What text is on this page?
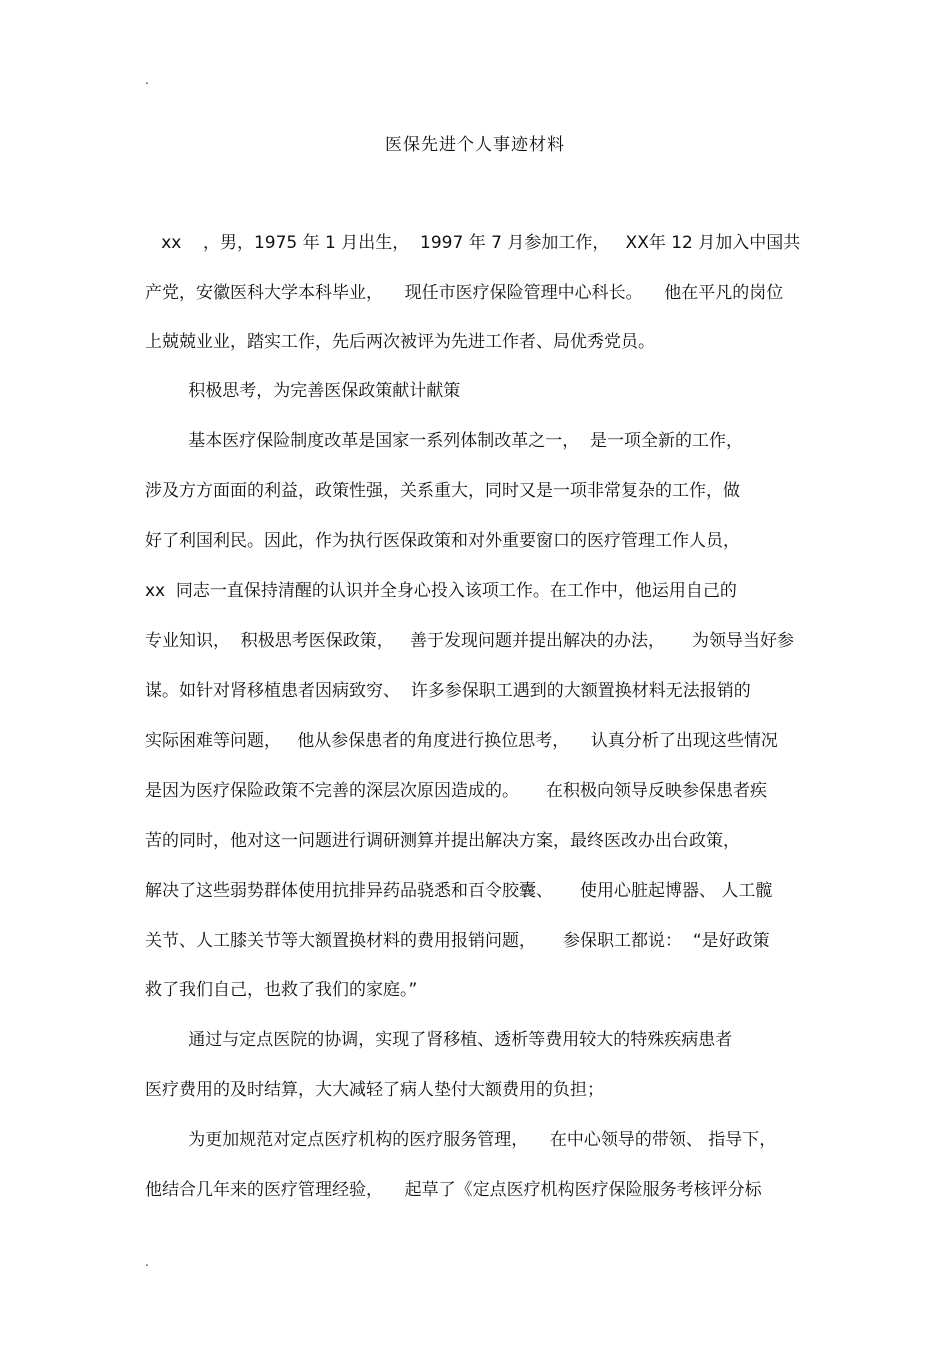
.
医保先进个人事迹材料
xx    ，男，1975 年 1 月出生，  1997 年 7 月参加工作，   XX年 12 月加入中国共
产党，安徽医科大学本科毕业，    现任市医疗保险管理中心科长。    他在平凡的岗位
上兢兢业业，踏实工作，先后两次被评为先进工作者、局优秀党员。
积极思考，为完善医保政策献计献策
基本医疗保险制度改革是国家一系列体制改革之一，  是一项全新的工作，
涉及方方面面的利益，政策性强，关系重大，同时又是一项非常复杂的工作，做
好了利国利民。因此，作为执行医保政策和对外重要窗口的医疗管理工作人员，
xx  同志一直保持清醒的认识并全身心投入该项工作。在工作中，他运用自己的
专业知识，  积极思考医保政策，   善于发现问题并提出解决的办法，     为领导当好参
谋。如针对肾移植患者因病致穷、  许多参保职工遇到的大额置换材料无法报销的
实际困难等问题，   他从参保患者的角度进行换位思考，    认真分析了出现这些情况
是因为医疗保险政策不完善的深层次原因造成的。     在积极向领导反映参保患者疾
苦的同时，他对这一问题进行调研测算并提出解决方案，最终医改办出台政策，
解决了这些弱势群体使用抗排异药品骁悉和百令胶囊、     使用心脏起博器、 人工髋
关节、人工膝关节等大额置换材料的费用报销问题，     参保职工都说：  “是好政策
救了我们自己，也救了我们的家庭。”
通过与定点医院的协调，实现了肾移植、透析等费用较大的特殊疾病患者
医疗费用的及时结算，大大减轻了病人垫付大额费用的负担；
为更加规范对定点医疗机构的医疗服务管理，    在中心领导的带领、 指导下，
他结合几年来的医疗管理经验，    起草了《定点医疗机构医疗保险服务考核评分标
.
